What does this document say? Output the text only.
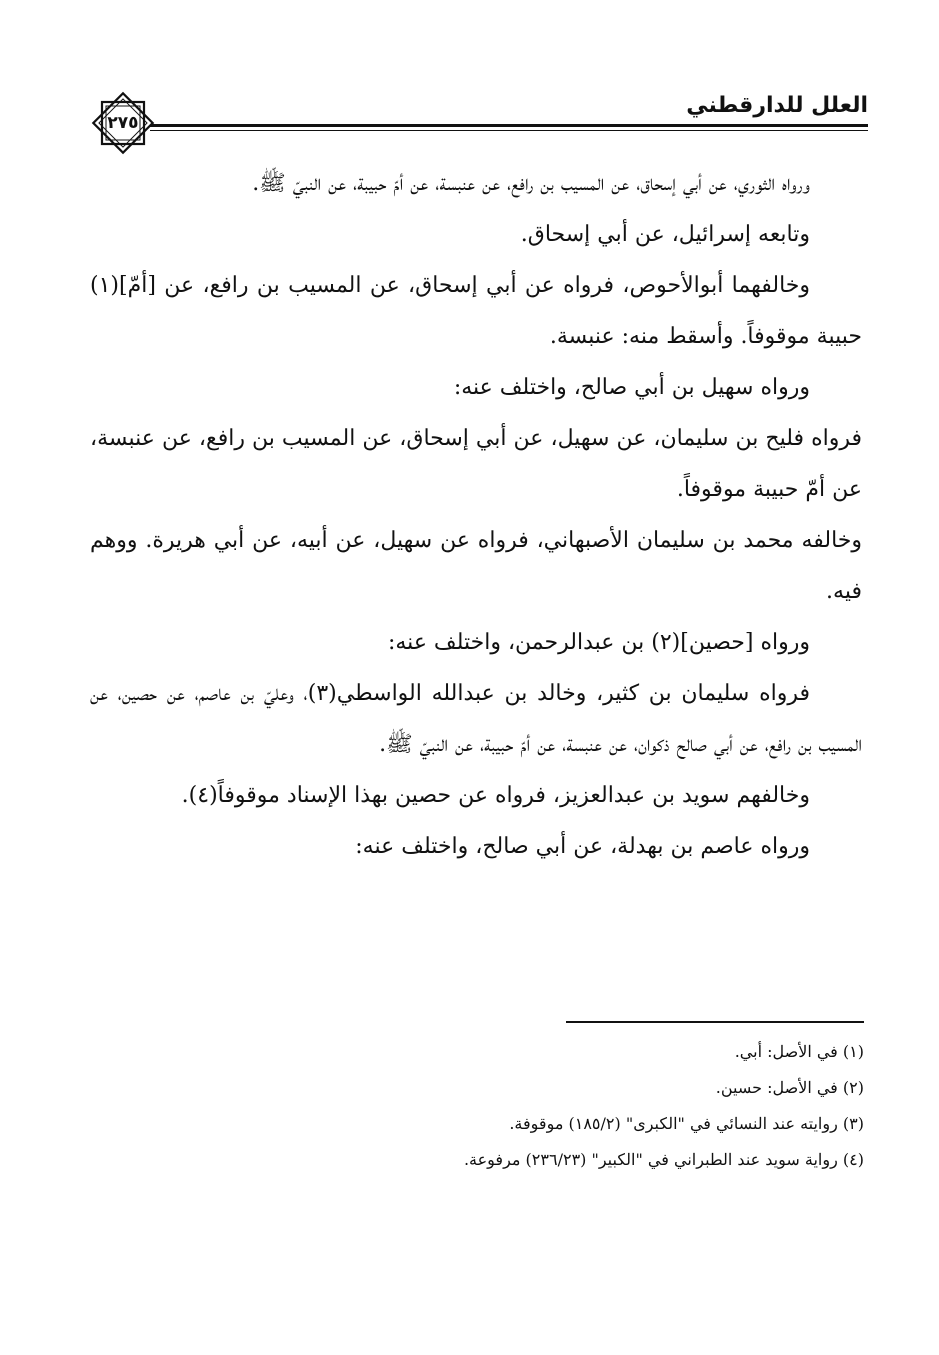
٢٧٥
العلل للدارقطني

ورواه الثوري، عن أبي إسحاق، عن المسيب بن رافع، عن عنبسة، عن أمّ حبيبة، عن النبيّ ﷺ.

وتابعه إسرائيل، عن أبي إسحاق.

وخالفهما أبوالأحوص، فرواه عن أبي إسحاق، عن المسيب بن رافع، عن [أمّ](١) حبيبة موقوفاً. وأسقط منه: عنبسة.

ورواه سهيل بن أبي صالح، واختلف عنه:

فرواه فليح بن سليمان، عن سهيل، عن أبي إسحاق، عن المسيب بن رافع، عن عنبسة، عن أمّ حبيبة موقوفاً.

وخالفه محمد بن سليمان الأصبهاني، فرواه عن سهيل، عن أبيه، عن أبي هريرة. ووهم فيه.

ورواه [حصين](٢) بن عبدالرحمن، واختلف عنه:

فرواه سليمان بن كثير، وخالد بن عبدالله الواسطي(٣)، وعليّ بن عاصم، عن حصين، عن المسيب بن رافع، عن أبي صالح ذكوان، عن عنبسة، عن أمّ حبيبة، عن النبيّ ﷺ.

وخالفهم سويد بن عبدالعزيز، فرواه عن حصين بهذا الإسناد موقوفاً(٤).

ورواه عاصم بن بهدلة، عن أبي صالح، واختلف عنه:

(١) في الأصل: أبي.
(٢) في الأصل: حسين.
(٣) روايته عند النسائي في "الكبرى" (١٨٥/٢) موقوفة.
(٤) رواية سويد عند الطبراني في "الكبير" (٢٣٦/٢٣) مرفوعة.
